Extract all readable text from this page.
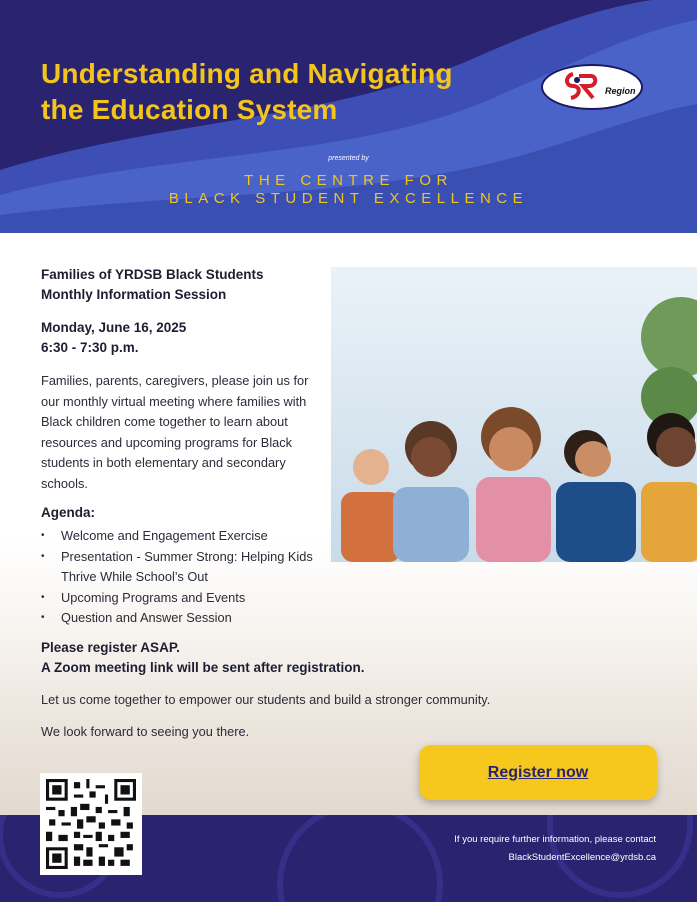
Understanding and Navigating
the Education System
Region
presented by
THE CENTRE FOR
BLACK STUDENT EXCELLENCE
Families of YRDSB Black Students
Monthly Information Session
Monday, June 16, 2025
6:30 - 7:30 p.m.
Families, parents, caregivers, please join us for our monthly virtual meeting where families with Black children come together to learn about resources and upcoming programs for Black students in both elementary and secondary schools.
Agenda:
• Welcome and Engagement Exercise
• Presentation - Summer Strong: Helping Kids Thrive While School’s Out
• Upcoming Programs and Events
• Question and Answer Session
Please register ASAP.
A Zoom meeting link will be sent after registration.
Let us come together to empower our students and build a stronger community.
We look forward to seeing you there.
Register now
If you require further information, please contact
BlackStudentExcellence@yrdsb.ca
